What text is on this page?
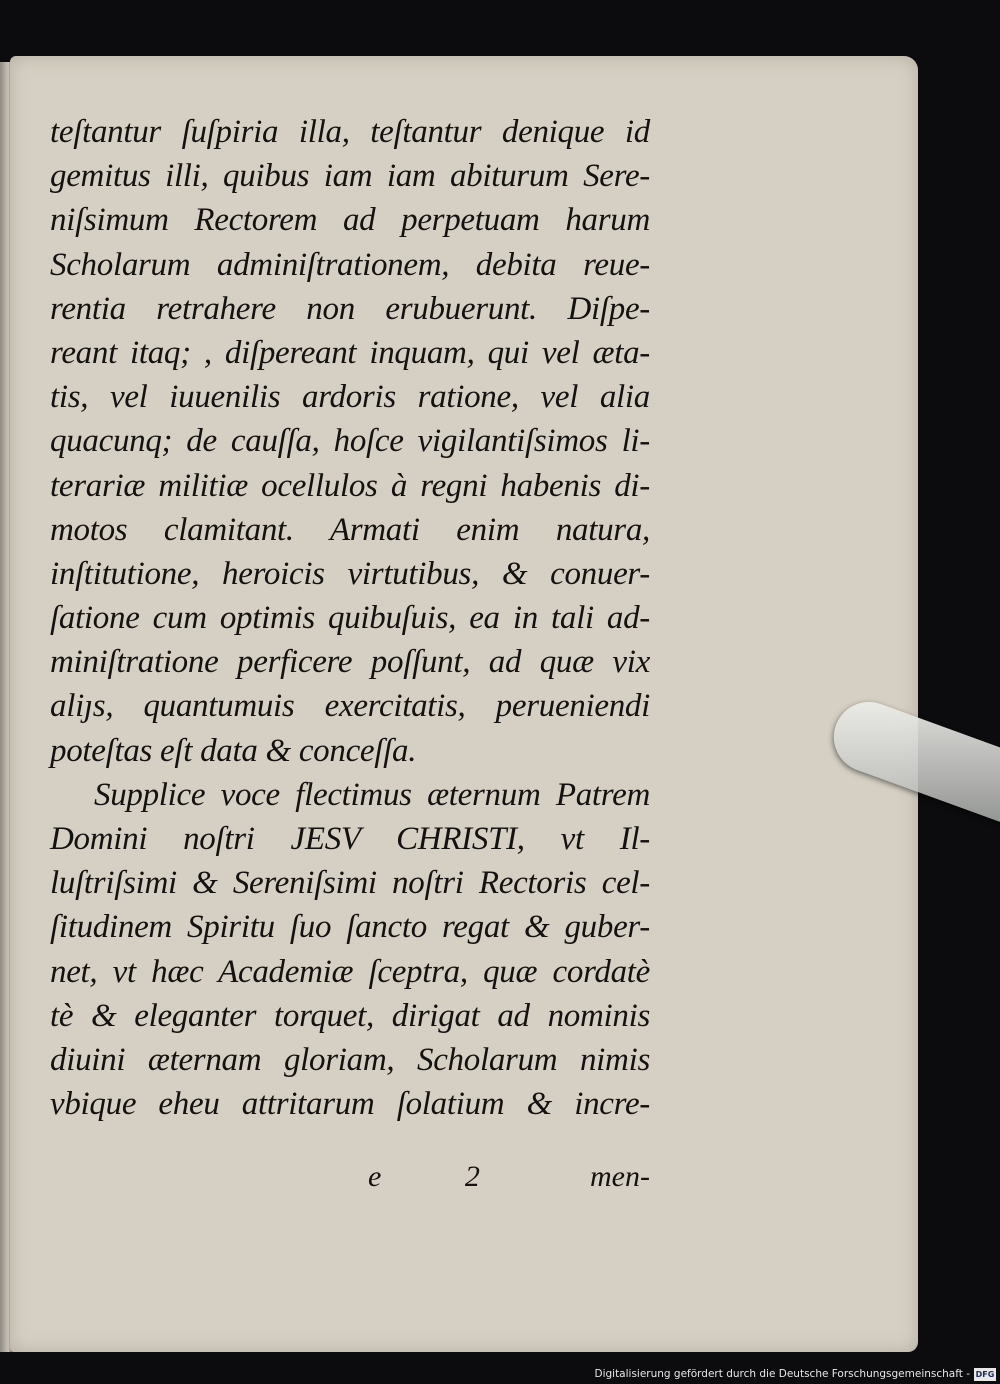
teſtantur ſuſpiria illa, teſtantur denique id
gemitus illi, quibus iam iam abiturum Sere-
niſsimum Rectorem ad perpetuam harum
Scholarum adminiſtrationem, debita reue-
rentia retrahere non erubuerunt. Diſpe-
reant itaq; , diſpereant inquam, qui vel æta-
tis, vel iuuenilis ardoris ratione, vel alia
quacunq; de cauſſa, hoſce vigilantiſsimos li-
terariæ militiæ ocellulos à regni habenis di-
motos clamitant. Armati enim natura,
inſtitutione, heroicis virtutibus, & conuer-
ſatione cum optimis quibuſuis, ea in tali ad-
miniſtratione perficere poſſunt, ad quæ vix
aliȷs, quantumuis exercitatis, perueniendi
poteſtas eſt data & conceſſa.
Supplice voce flectimus æternum Patrem
Domini noſtri JESV CHRISTI, vt Il-
luſtriſsimi & Sereniſsimi noſtri Rectoris cel-
ſitudinem Spiritu ſuo ſancto regat & guber-
net, vt hæc Academiæ ſceptra, quæ cordatè
tè & eleganter torquet, dirigat ad nominis
diuini æternam gloriam, Scholarum nimis
vbique eheu attritarum ſolatium & incre-
e 2 men-
Digitalisierung gefördert durch die Deutsche Forschungsgemeinschaft - DFG
